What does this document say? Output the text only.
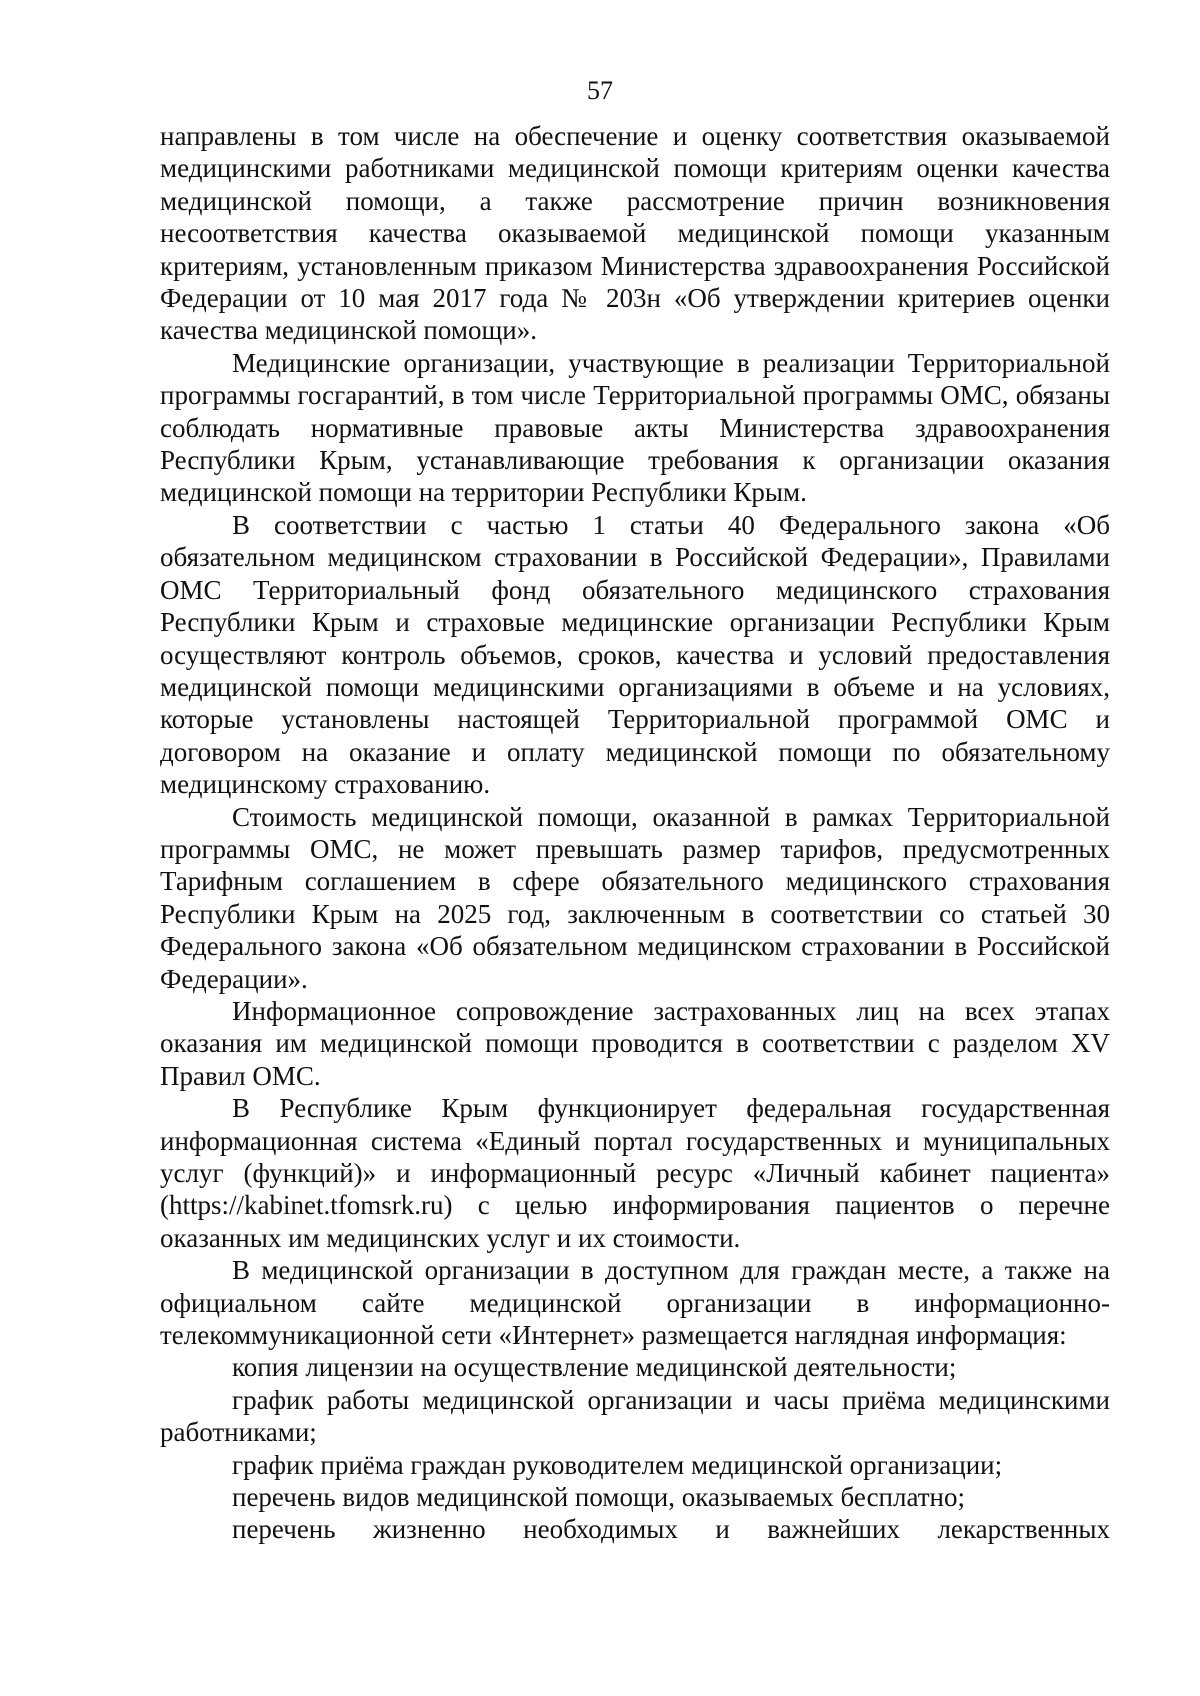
57

направлены в том числе на обеспечение и оценку соответствия оказываемой медицинскими работниками медицинской помощи критериям оценки качества медицинской помощи, а также рассмотрение причин возникновения несоответствия качества оказываемой медицинской помощи указанным критериям, установленным приказом Министерства здравоохранения Российской Федерации от 10 мая 2017 года № 203н «Об утверждении критериев оценки качества медицинской помощи».

Медицинские организации, участвующие в реализации Территориальной программы госгарантий, в том числе Территориальной программы ОМС, обязаны соблюдать нормативные правовые акты Министерства здравоохранения Республики Крым, устанавливающие требования к организации оказания медицинской помощи на территории Республики Крым.

В соответствии с частью 1 статьи 40 Федерального закона «Об обязательном медицинском страховании в Российской Федерации», Правилами ОМС Территориальный фонд обязательного медицинского страхования Республики Крым и страховые медицинские организации Республики Крым осуществляют контроль объемов, сроков, качества и условий предоставления медицинской помощи медицинскими организациями в объеме и на условиях, которые установлены настоящей Территориальной программой ОМС и договором на оказание и оплату медицинской помощи по обязательному медицинскому страхованию.

Стоимость медицинской помощи, оказанной в рамках Территориальной программы ОМС, не может превышать размер тарифов, предусмотренных Тарифным соглашением в сфере обязательного медицинского страхования Республики Крым на 2025 год, заключенным в соответствии со статьей 30 Федерального закона «Об обязательном медицинском страховании в Российской Федерации».

Информационное сопровождение застрахованных лиц на всех этапах оказания им медицинской помощи проводится в соответствии с разделом XV Правил ОМС.

В Республике Крым функционирует федеральная государственная информационная система «Единый портал государственных и муниципальных услуг (функций)» и информационный ресурс «Личный кабинет пациента» (https://kabinet.tfomsrk.ru) с целью информирования пациентов о перечне оказанных им медицинских услуг и их стоимости.

В медицинской организации в доступном для граждан месте, а также на официальном сайте медицинской организации в информационно-телекоммуникационной сети «Интернет» размещается наглядная информация:

копия лицензии на осуществление медицинской деятельности;

график работы медицинской организации и часы приёма медицинскими работниками;

график приёма граждан руководителем медицинской организации;

перечень видов медицинской помощи, оказываемых бесплатно;

перечень жизненно необходимых и важнейших лекарственных
